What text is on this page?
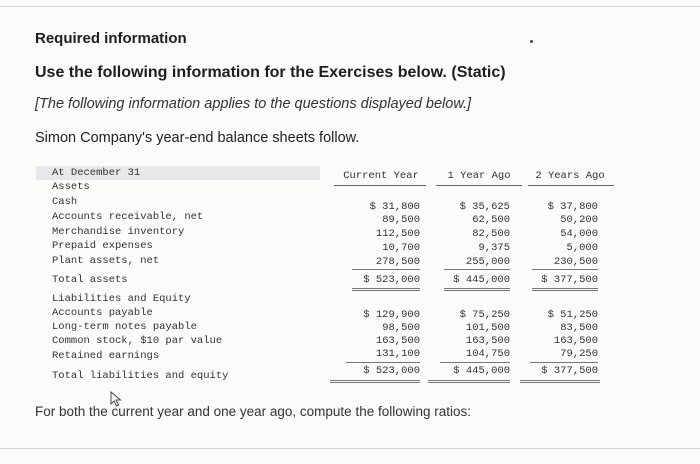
Required information
Use the following information for the Exercises below. (Static)
[The following information applies to the questions displayed below.]
Simon Company's year-end balance sheets follow.
At December 31	Current Year	1 Year Ago	2 Years Ago
Assets
Cash	$ 31,800	$ 35,625	$ 37,800
Accounts receivable, net	89,500	62,500	50,200
Merchandise inventory	112,500	82,500	54,000
Prepaid expenses	10,700	9,375	5,000
Plant assets, net	278,500	255,000	230,500
Total assets	$ 523,000	$ 445,000	$ 377,500
Liabilities and Equity
Accounts payable	$ 129,900	$ 75,250	$ 51,250
Long-term notes payable	98,500	101,500	83,500
Common stock, $10 par value	163,500	163,500	163,500
Retained earnings	131,100	104,750	79,250
Total liabilities and equity	$ 523,000	$ 445,000	$ 377,500
For both the current year and one year ago, compute the following ratios:
